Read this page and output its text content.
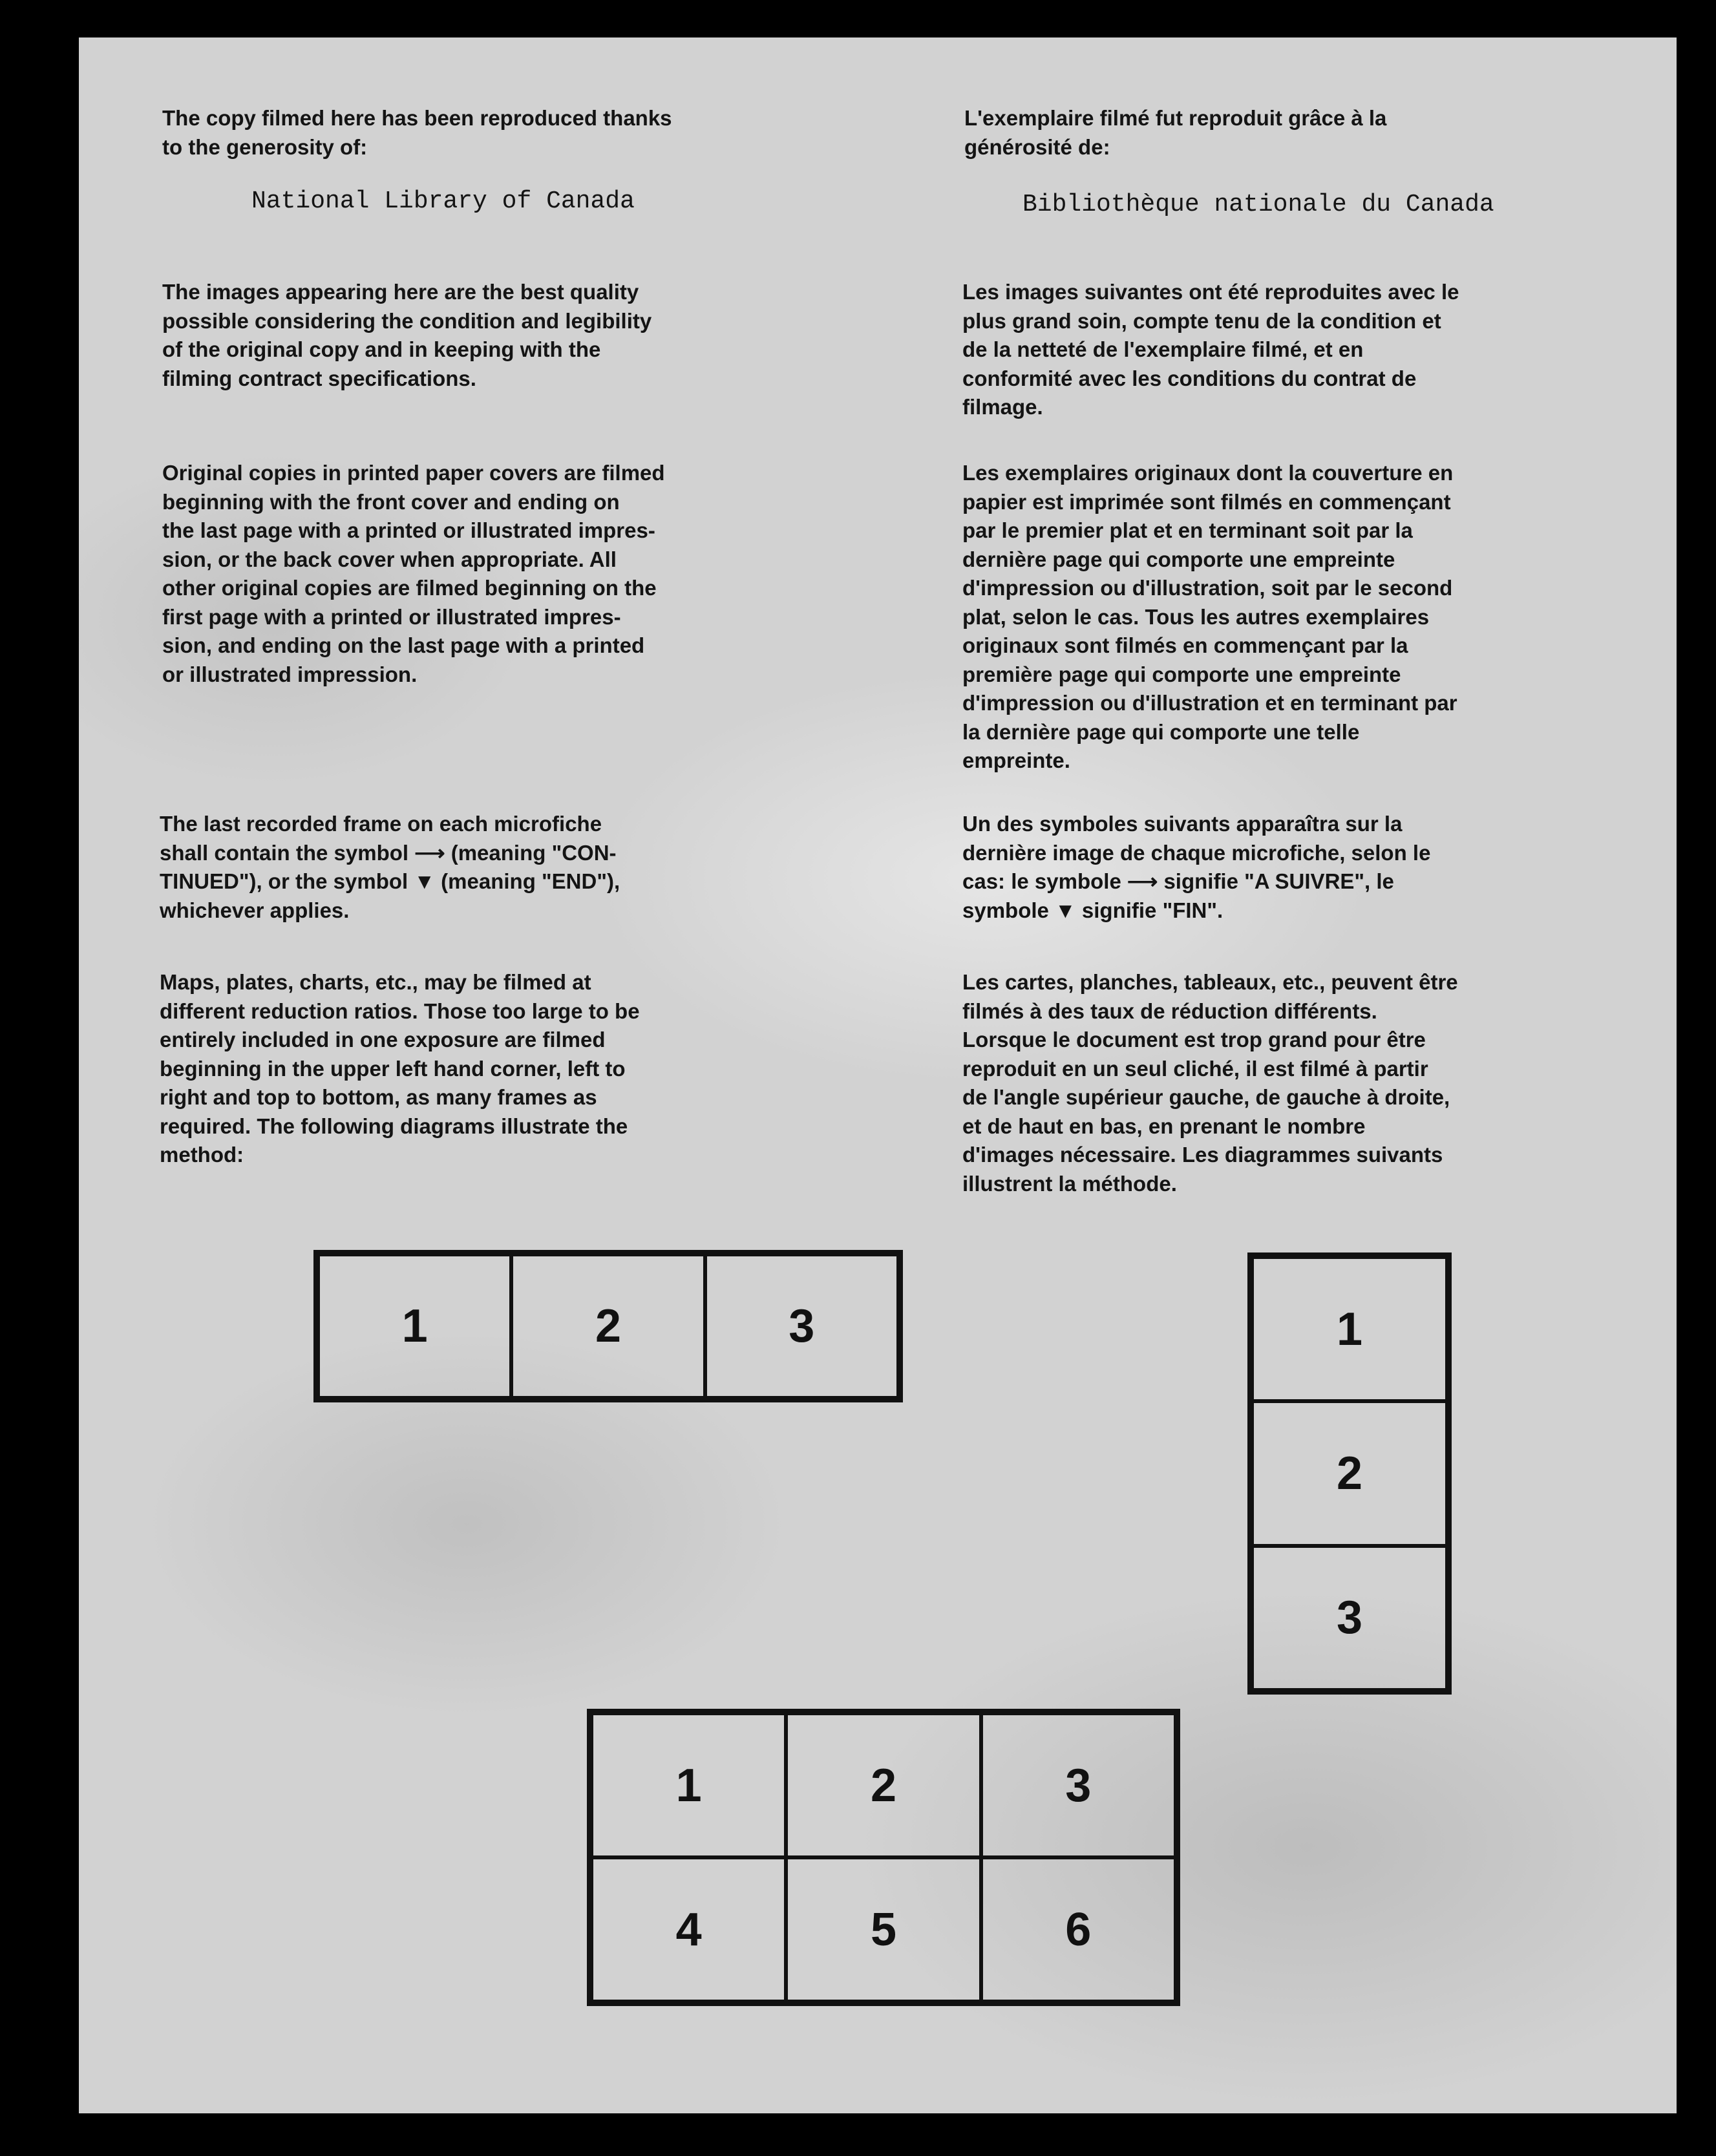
The copy filmed here has been reproduced thanks
to the generosity of:

National Library of Canada

The images appearing here are the best quality
possible considering the condition and legibility
of the original copy and in keeping with the
filming contract specifications.

Original copies in printed paper covers are filmed
beginning with the front cover and ending on
the last page with a printed or illustrated impres-
sion, or the back cover when appropriate. All
other original copies are filmed beginning on the
first page with a printed or illustrated impres-
sion, and ending on the last page with a printed
or illustrated impression.

The last recorded frame on each microfiche
shall contain the symbol ⟶ (meaning "CON-
TINUED"), or the symbol ▼ (meaning "END"),
whichever applies.

Maps, plates, charts, etc., may be filmed at
different reduction ratios. Those too large to be
entirely included in one exposure are filmed
beginning in the upper left hand corner, left to
right and top to bottom, as many frames as
required. The following diagrams illustrate the
method:

L'exemplaire filmé fut reproduit grâce à la
générosité de:

Bibliothèque nationale du Canada

Les images suivantes ont été reproduites avec le
plus grand soin, compte tenu de la condition et
de la netteté de l'exemplaire filmé, et en
conformité avec les conditions du contrat de
filmage.

Les exemplaires originaux dont la couverture en
papier est imprimée sont filmés en commençant
par le premier plat et en terminant soit par la
dernière page qui comporte une empreinte
d'impression ou d'illustration, soit par le second
plat, selon le cas. Tous les autres exemplaires
originaux sont filmés en commençant par la
première page qui comporte une empreinte
d'impression ou d'illustration et en terminant par
la dernière page qui comporte une telle
empreinte.

Un des symboles suivants apparaîtra sur la
dernière image de chaque microfiche, selon le
cas: le symbole ⟶ signifie "A SUIVRE", le
symbole ▼ signifie "FIN".

Les cartes, planches, tableaux, etc., peuvent être
filmés à des taux de réduction différents.
Lorsque le document est trop grand pour être
reproduit en un seul cliché, il est filmé à partir
de l'angle supérieur gauche, de gauche à droite,
et de haut en bas, en prenant le nombre
d'images nécessaire. Les diagrammes suivants
illustrent la méthode.

1	2	3	1
2
3
1	2	3
4	5	6
